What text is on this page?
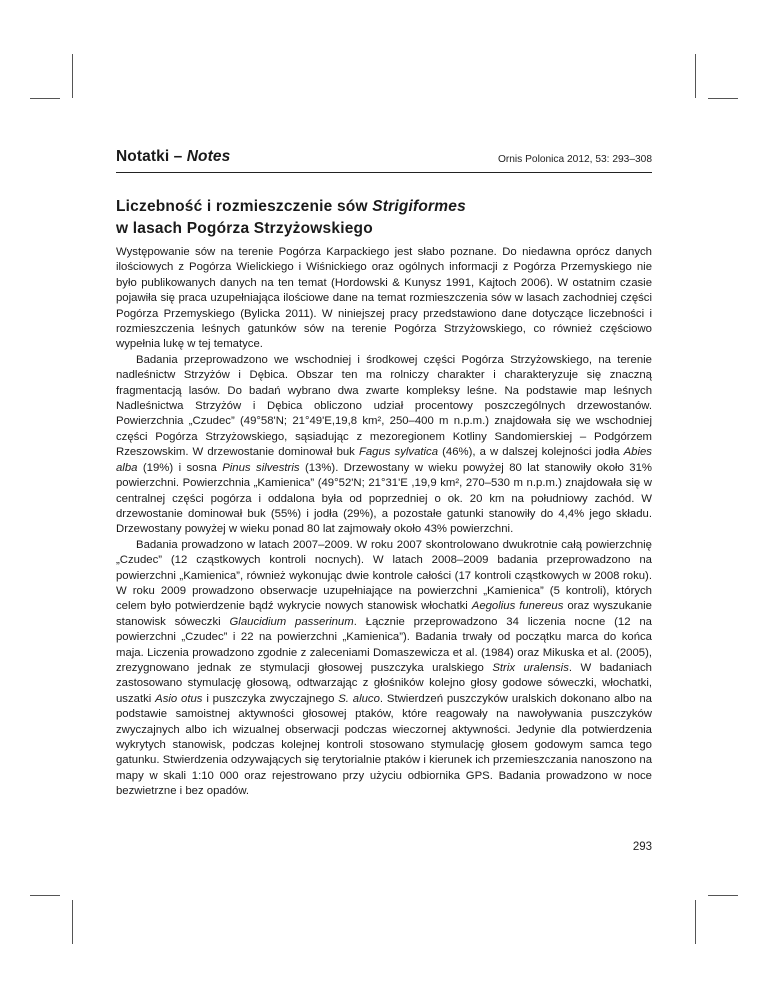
Notatki – Notes	Ornis Polonica 2012, 53: 293–308
Liczebność i rozmieszczenie sów Strigiformes
w lasach Pogórza Strzyżowskiego

Występowanie sów na terenie Pogórza Karpackiego jest słabo poznane. Do niedawna oprócz danych ilościowych z Pogórza Wielickiego i Wiśnickiego oraz ogólnych informacji z Pogórza Przemyskiego nie było publikowanych danych na ten temat (Hordowski & Kunysz 1991, Kajtoch 2006). W ostatnim czasie pojawiła się praca uzupełniająca ilościowe dane na temat rozmieszczenia sów w lasach zachodniej części Pogórza Przemyskiego (Bylicka 2011). W niniejszej pracy przedstawiono dane dotyczące liczebności i rozmieszczenia leśnych gatunków sów na terenie Pogórza Strzyżowskiego, co również częściowo wypełnia lukę w tej tematyce.

Badania przeprowadzono we wschodniej i środkowej części Pogórza Strzyżowskiego, na terenie nadleśnictw Strzyżów i Dębica. Obszar ten ma rolniczy charakter i charakteryzuje się znaczną fragmentacją lasów. Do badań wybrano dwa zwarte kompleksy leśne. Na podstawie map leśnych Nadleśnictwa Strzyżów i Dębica obliczono udział procentowy poszczególnych drzewostanów. Powierzchnia „Czudec” (49°58'N; 21°49'E,19,8 km², 250–400 m n.p.m.) znajdowała się we wschodniej części Pogórza Strzyżowskiego, sąsiadując z mezoregionem Kotliny Sandomierskiej – Podgórzem Rzeszowskim. W drzewostanie dominował buk Fagus sylvatica (46%), a w dalszej kolejności jodła Abies alba (19%) i sosna Pinus silvestris (13%). Drzewostany w wieku powyżej 80 lat stanowiły około 31% powierzchni. Powierzchnia „Kamienica” (49°52'N; 21°31'E ,19,9 km², 270–530 m n.p.m.) znajdowała się w centralnej części pogórza i oddalona była od poprzedniej o ok. 20 km na południowy zachód. W drzewostanie dominował buk (55%) i jodła (29%), a pozostałe gatunki stanowiły do 4,4% jego składu. Drzewostany powyżej w wieku ponad 80 lat zajmowały około 43% powierzchni.

Badania prowadzono w latach 2007–2009. W roku 2007 skontrolowano dwukrotnie całą powierzchnię „Czudec” (12 cząstkowych kontroli nocnych). W latach 2008–2009 badania przeprowadzono na powierzchni „Kamienica”, również wykonując dwie kontrole całości (17 kontroli cząstkowych w 2008 roku). W roku 2009 prowadzono obserwacje uzupełniające na powierzchni „Kamienica” (5 kontroli), których celem było potwierdzenie bądź wykrycie nowych stanowisk włochatki Aegolius funereus oraz wyszukanie stanowisk sóweczki Glaucidium passerinum. Łącznie przeprowadzono 34 liczenia nocne (12 na powierzchni „Czudec” i 22 na powierzchni „Kamienica”). Badania trwały od początku marca do końca maja. Liczenia prowadzono zgodnie z zaleceniami Domaszewicza et al. (1984) oraz Mikuska et al. (2005), zrezygnowano jednak ze stymulacji głosowej puszczyka uralskiego Strix uralensis. W badaniach zastosowano stymulację głosową, odtwarzając z głośników kolejno głosy godowe sóweczki, włochatki, uszatki Asio otus i puszczyka zwyczajnego S. aluco. Stwierdzeń puszczyków uralskich dokonano albo na podstawie samoistnej aktywności głosowej ptaków, które reagowały na nawoływania puszczyków zwyczajnych albo ich wizualnej obserwacji podczas wieczornej aktywności. Jedynie dla potwierdzenia wykrytych stanowisk, podczas kolejnej kontroli stosowano stymulację głosem godowym samca tego gatunku. Stwierdzenia odzywających się terytorialnie ptaków i kierunek ich przemieszczania nanoszono na mapy w skali 1:10 000 oraz rejestrowano przy użyciu odbiornika GPS. Badania prowadzono w noce bezwietrzne i bez opadów.

293
